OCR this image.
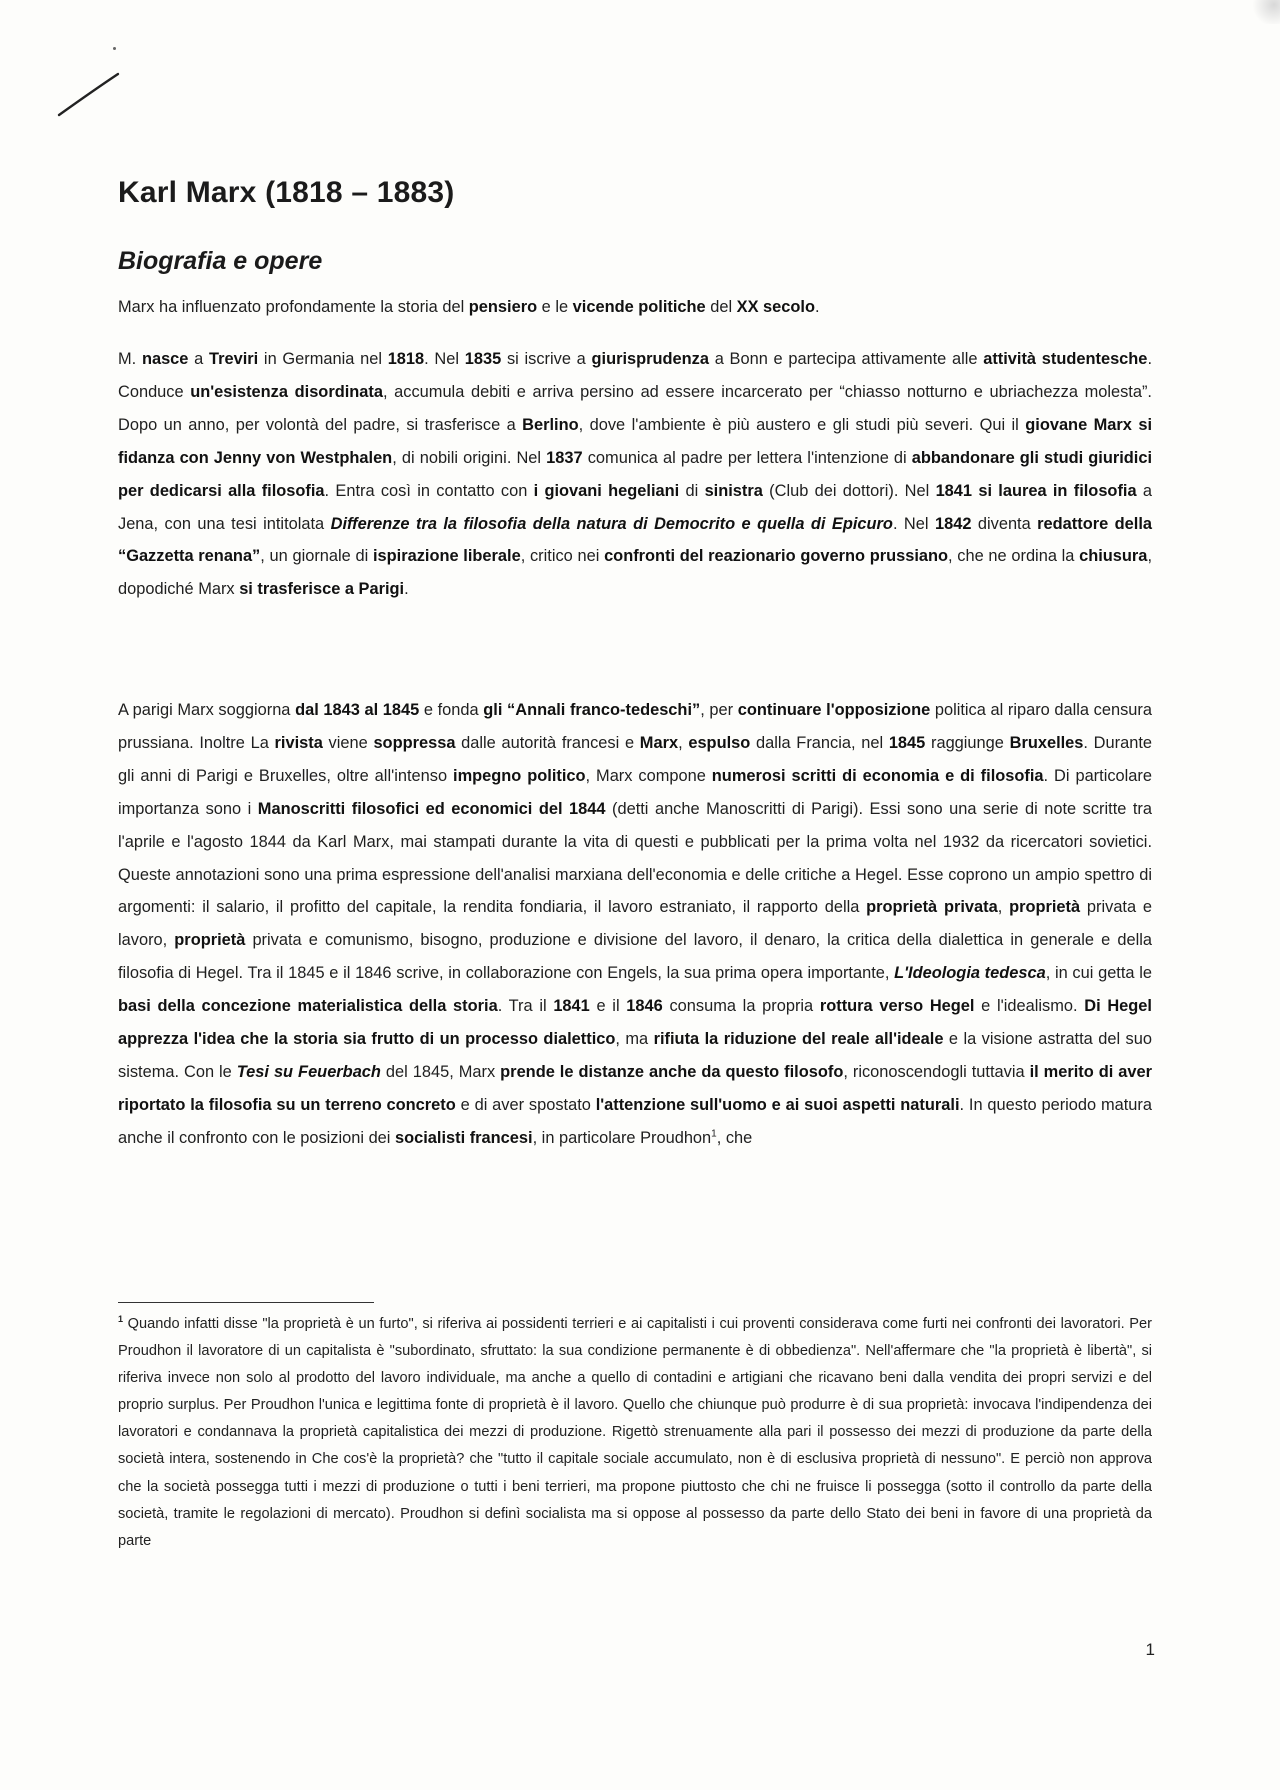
Karl Marx (1818 – 1883)
Biografia e opere

Marx ha influenzato profondamente la storia del pensiero e le vicende politiche del XX secolo.

M. nasce a Treviri in Germania nel 1818. Nel 1835 si iscrive a giurisprudenza a Bonn e partecipa attivamente alle attività studentesche. Conduce un'esistenza disordinata, accumula debiti e arriva persino ad essere incarcerato per “chiasso notturno e ubriachezza molesta”. Dopo un anno, per volontà del padre, si trasferisce a Berlino, dove l'ambiente è più austero e gli studi più severi. Qui il giovane Marx si fidanza con Jenny von Westphalen, di nobili origini. Nel 1837 comunica al padre per lettera l'intenzione di abbandonare gli studi giuridici per dedicarsi alla filosofia. Entra così in contatto con i giovani hegeliani di sinistra (Club dei dottori). Nel 1841 si laurea in filosofia a Jena, con una tesi intitolata Differenze tra la filosofia della natura di Democrito e quella di Epicuro. Nel 1842 diventa redattore della “Gazzetta renana”, un giornale di ispirazione liberale, critico nei confronti del reazionario governo prussiano, che ne ordina la chiusura, dopodiché Marx si trasferisce a Parigi.

A parigi Marx soggiorna dal 1843 al 1845 e fonda gli “Annali franco-tedeschi”, per continuare l'opposizione politica al riparo dalla censura prussiana. Inoltre La rivista viene soppressa dalle autorità francesi e Marx, espulso dalla Francia, nel 1845 raggiunge Bruxelles. Durante gli anni di Parigi e Bruxelles, oltre all'intenso impegno politico, Marx compone numerosi scritti di economia e di filosofia. Di particolare importanza sono i Manoscritti filosofici ed economici del 1844 (detti anche Manoscritti di Parigi). Essi sono una serie di note scritte tra l'aprile e l'agosto 1844 da Karl Marx, mai stampati durante la vita di questi e pubblicati per la prima volta nel 1932 da ricercatori sovietici. Queste annotazioni sono una prima espressione dell'analisi marxiana dell'economia e delle critiche a Hegel. Esse coprono un ampio spettro di argomenti: il salario, il profitto del capitale, la rendita fondiaria, il lavoro estraniato, il rapporto della proprietà privata, proprietà privata e lavoro, proprietà privata e comunismo, bisogno, produzione e divisione del lavoro, il denaro, la critica della dialettica in generale e della filosofia di Hegel. Tra il 1845 e il 1846 scrive, in collaborazione con Engels, la sua prima opera importante, L'Ideologia tedesca, in cui getta le basi della concezione materialistica della storia. Tra il 1841 e il 1846 consuma la propria rottura verso Hegel e l'idealismo. Di Hegel apprezza l'idea che la storia sia frutto di un processo dialettico, ma rifiuta la riduzione del reale all'ideale e la visione astratta del suo sistema. Con le Tesi su Feuerbach del 1845, Marx prende le distanze anche da questo filosofo, riconoscendogli tuttavia il merito di aver riportato la filosofia su un terreno concreto e di aver spostato l'attenzione sull'uomo e ai suoi aspetti naturali. In questo periodo matura anche il confronto con le posizioni dei socialisti francesi, in particolare Proudhon$^1$, che

$^1$ Quando infatti disse "la proprietà è un furto", si riferiva ai possidenti terrieri e ai capitalisti i cui proventi considerava come furti nei confronti dei lavoratori. Per Proudhon il lavoratore di un capitalista è "subordinato, sfruttato: la sua condizione permanente è di obbedienza". Nell'affermare che "la proprietà è libertà", si riferiva invece non solo al prodotto del lavoro individuale, ma anche a quello di contadini e artigiani che ricavano beni dalla vendita dei propri servizi e del proprio surplus. Per Proudhon l'unica e legittima fonte di proprietà è il lavoro. Quello che chiunque può produrre è di sua proprietà: invocava l'indipendenza dei lavoratori e condannava la proprietà capitalistica dei mezzi di produzione. Rigettò strenuamente alla pari il possesso dei mezzi di produzione da parte della società intera, sostenendo in Che cos'è la proprietà? che "tutto il capitale sociale accumulato, non è di esclusiva proprietà di nessuno". E perciò non approva che la società possegga tutti i mezzi di produzione o tutti i beni terrieri, ma propone piuttosto che chi ne fruisce li possegga (sotto il controllo da parte della società, tramite le regolazioni di mercato). Proudhon si definì socialista ma si oppose al possesso da parte dello Stato dei beni in favore di una proprietà da parte

1
